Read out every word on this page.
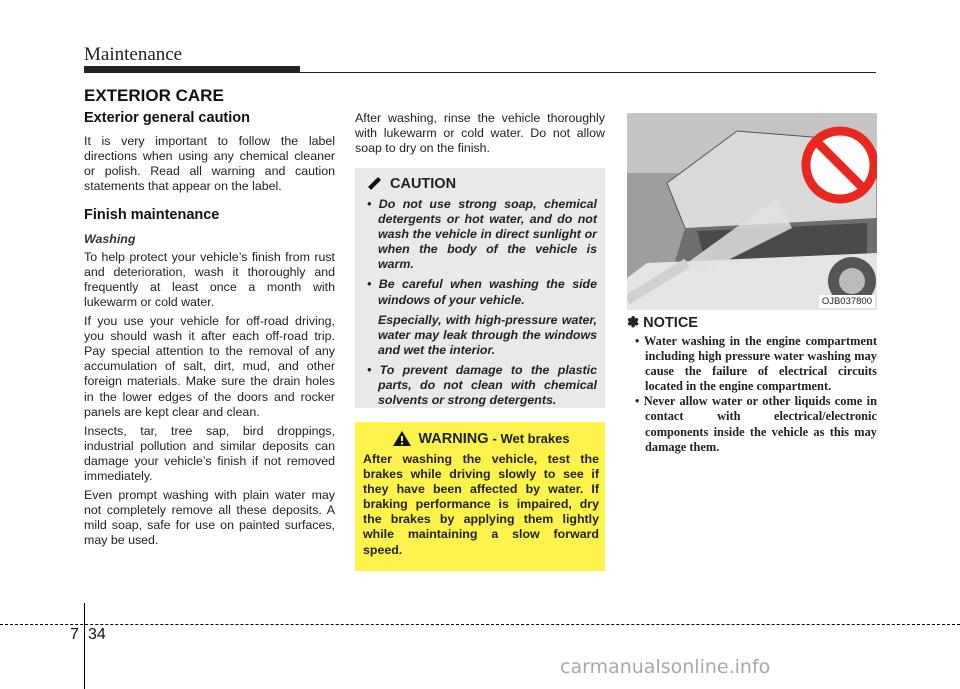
Maintenance
EXTERIOR CARE
Exterior general caution

It is very important to follow the label directions when using any chemical cleaner or polish. Read all warning and caution statements that appear on the label.

Finish maintenance
Washing

To help protect your vehicle’s finish from rust and deterioration, wash it thoroughly and frequently at least once a month with lukewarm or cold water.

If you use your vehicle for off-road driving, you should wash it after each off-road trip. Pay special attention to the removal of any accumulation of salt, dirt, mud, and other foreign materials. Make sure the drain holes in the lower edges of the doors and rocker panels are kept clear and clean.

Insects, tar, tree sap, bird droppings, industrial pollution and similar deposits can damage your vehicle’s finish if not removed immediately.

Even prompt washing with plain water may not completely remove all these deposits. A mild soap, safe for use on painted surfaces, may be used.

After washing, rinse the vehicle thoroughly with lukewarm or cold water. Do not allow soap to dry on the finish.

CAUTION
• Do not use strong soap, chemical detergents or hot water, and do not wash the vehicle in direct sunlight or when the body of the vehicle is warm.
• Be careful when washing the side windows of your vehicle.
Especially, with high-pressure water, water may leak through the windows and wet the interior.
• To prevent damage to the plastic parts, do not clean with chemical solvents or strong detergents.
WARNING - Wet brakes

After washing the vehicle, test the brakes while driving slowly to see if they have been affected by water. If braking performance is impaired, dry the brakes by applying them lightly while maintaining a slow forward speed.

OJB037800
✽ NOTICE
• Water washing in the engine compartment including high pressure water washing may cause the failure of electrical circuits located in the engine compartment.
• Never allow water or other liquids come in contact with electrical/electronic components inside the vehicle as this may damage them.
7 34
carmanualsonline.info
